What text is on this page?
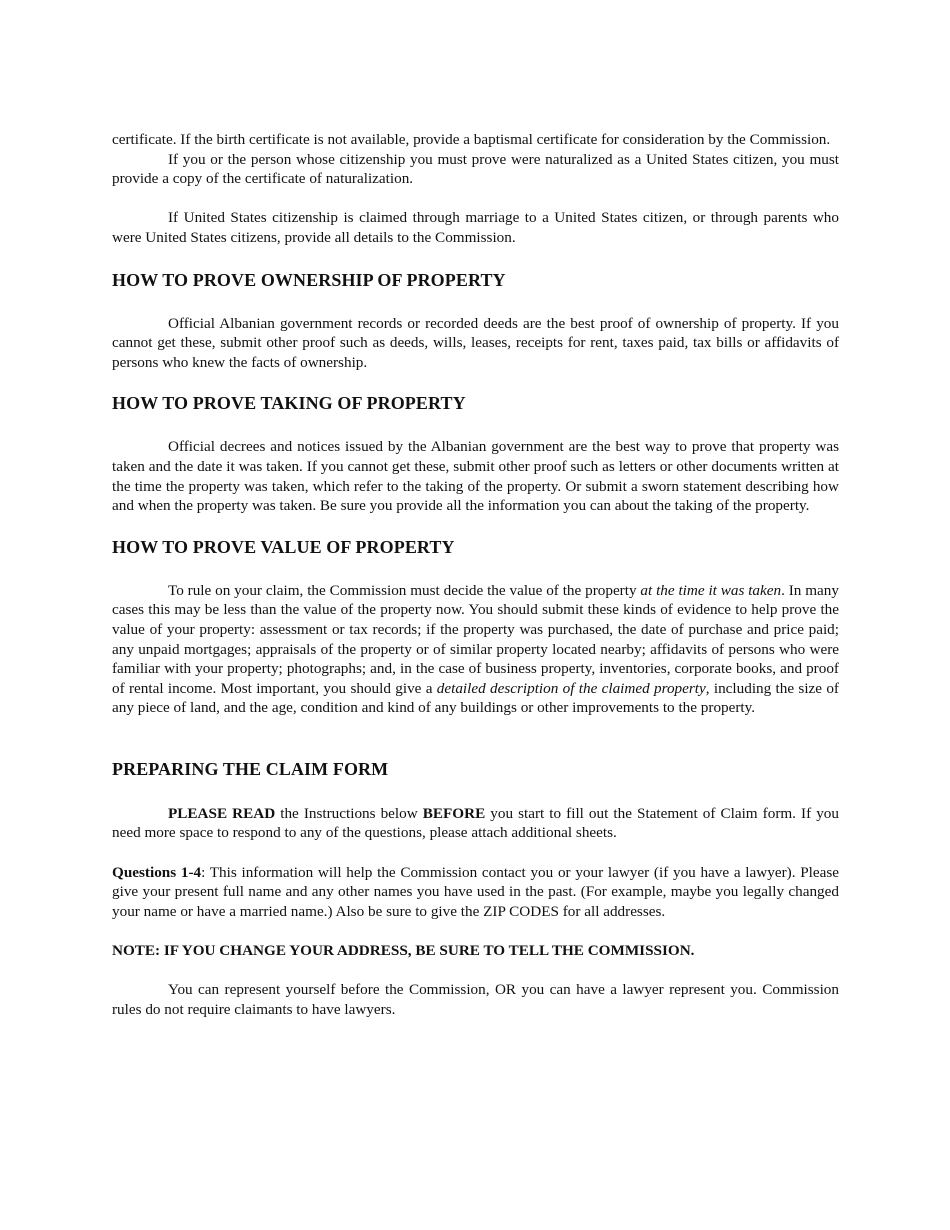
certificate. If the birth certificate is not available, provide a baptismal certificate for consideration by the Commission.

If you or the person whose citizenship you must prove were naturalized as a United States citizen, you must provide a copy of the certificate of naturalization.

If United States citizenship is claimed through marriage to a United States citizen, or through parents who were United States citizens, provide all details to the Commission.

HOW TO PROVE OWNERSHIP OF PROPERTY

Official Albanian government records or recorded deeds are the best proof of ownership of property. If you cannot get these, submit other proof such as deeds, wills, leases, receipts for rent, taxes paid, tax bills or affidavits of persons who knew the facts of ownership.

HOW TO PROVE TAKING OF PROPERTY

Official decrees and notices issued by the Albanian government are the best way to prove that property was taken and the date it was taken. If you cannot get these, submit other proof such as letters or other documents written at the time the property was taken, which refer to the taking of the property. Or submit a sworn statement describing how and when the property was taken. Be sure you provide all the information you can about the taking of the property.

HOW TO PROVE VALUE OF PROPERTY

To rule on your claim, the Commission must decide the value of the property at the time it was taken. In many cases this may be less than the value of the property now. You should submit these kinds of evidence to help prove the value of your property: assessment or tax records; if the property was purchased, the date of purchase and price paid; any unpaid mortgages; appraisals of the property or of similar property located nearby; affidavits of persons who were familiar with your property; photographs; and, in the case of business property, inventories, corporate books, and proof of rental income. Most important, you should give a detailed description of the claimed property, including the size of any piece of land, and the age, condition and kind of any buildings or other improvements to the property.

PREPARING THE CLAIM FORM

PLEASE READ the Instructions below BEFORE you start to fill out the Statement of Claim form. If you need more space to respond to any of the questions, please attach additional sheets.

Questions 1-4: This information will help the Commission contact you or your lawyer (if you have a lawyer). Please give your present full name and any other names you have used in the past. (For example, maybe you legally changed your name or have a married name.) Also be sure to give the ZIP CODES for all addresses.

NOTE: IF YOU CHANGE YOUR ADDRESS, BE SURE TO TELL THE COMMISSION.

You can represent yourself before the Commission, OR you can have a lawyer represent you. Commission rules do not require claimants to have lawyers.
